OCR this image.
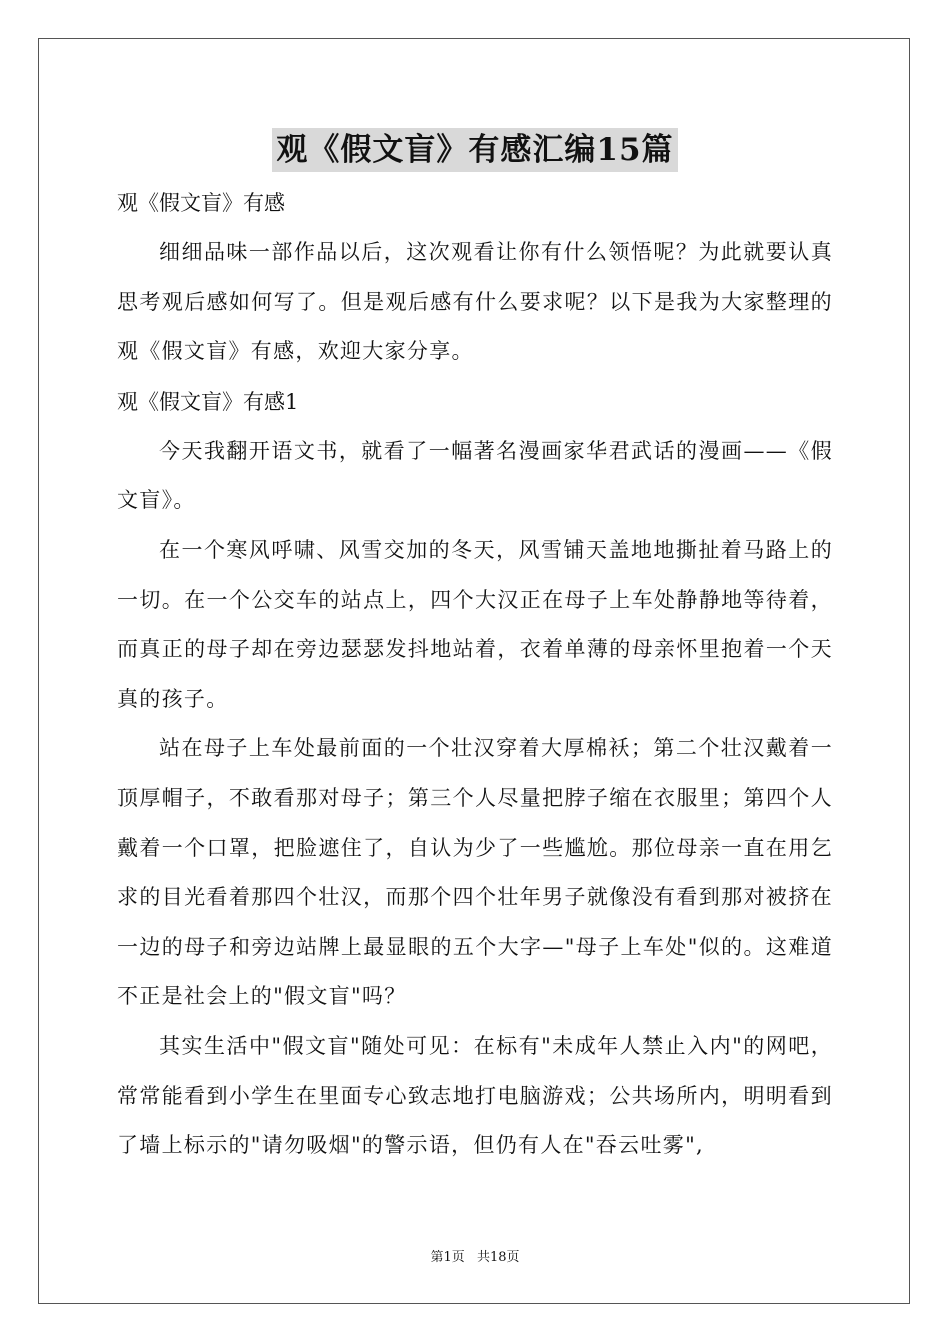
观《假文盲》有感汇编15篇
观《假文盲》有感

细细品味一部作品以后，这次观看让你有什么领悟呢？为此就要认真思考观后感如何写了。但是观后感有什么要求呢？以下是我为大家整理的观《假文盲》有感，欢迎大家分享。

观《假文盲》有感1

今天我翻开语文书，就看了一幅著名漫画家华君武话的漫画——《假文盲》。

在一个寒风呼啸、风雪交加的冬天，风雪铺天盖地地撕扯着马路上的一切。在一个公交车的站点上，四个大汉正在母子上车处静静地等待着，而真正的母子却在旁边瑟瑟发抖地站着，衣着单薄的母亲怀里抱着一个天真的孩子。

站在母子上车处最前面的一个壮汉穿着大厚棉袄；第二个壮汉戴着一顶厚帽子，不敢看那对母子；第三个人尽量把脖子缩在衣服里；第四个人戴着一个口罩，把脸遮住了，自认为少了一些尴尬。那位母亲一直在用乞求的目光看着那四个壮汉，而那个四个壮年男子就像没有看到那对被挤在一边的母子和旁边站牌上最显眼的五个大字—"母子上车处"似的。这难道不正是社会上的"假文盲"吗？

其实生活中"假文盲"随处可见：在标有"未成年人禁止入内"的网吧，常常能看到小学生在里面专心致志地打电脑游戏；公共场所内，明明看到了墙上标示的"请勿吸烟"的警示语，但仍有人在"吞云吐雾",

第1页 共18页
